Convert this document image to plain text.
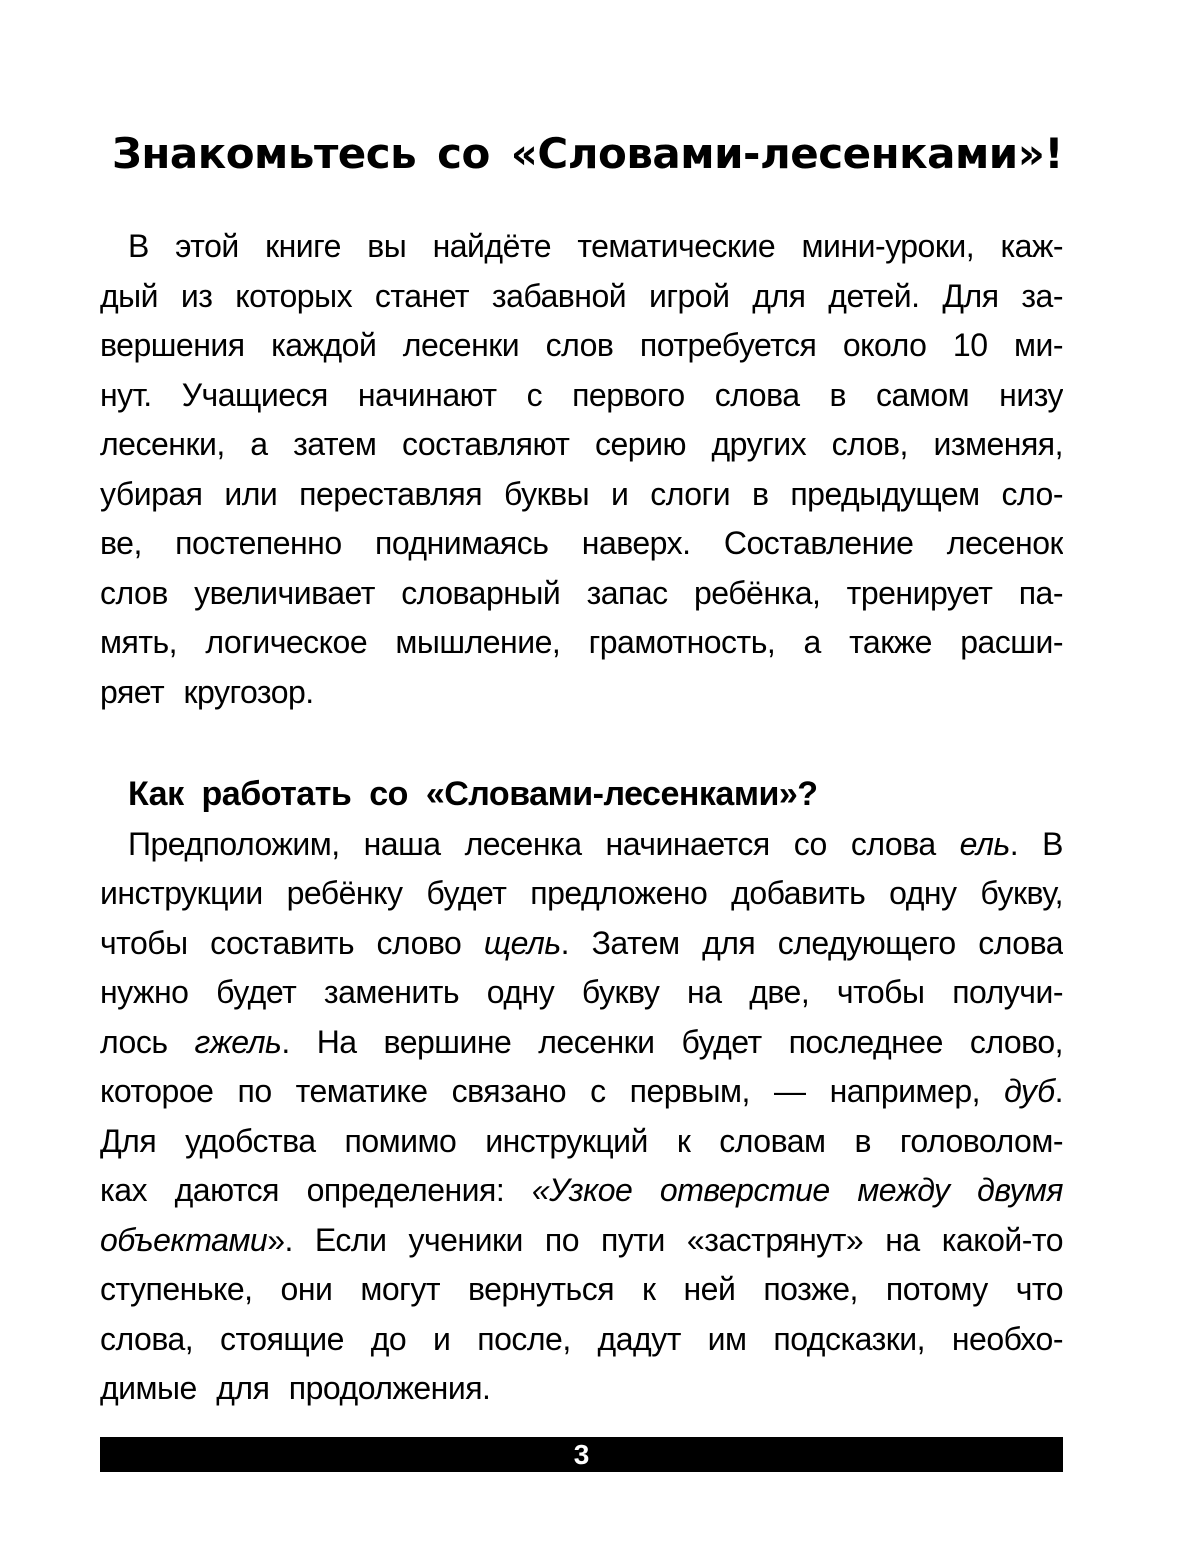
Знакомьтесь со «Словами-лесенками»!
В этой книге вы найдёте тематические мини-уроки, каж-
дый из которых станет забавной игрой для детей. Для за-
вершения каждой лесенки слов потребуется около 10 ми-
нут. Учащиеся начинают с первого слова в самом низу
лесенки, а затем составляют серию других слов, изменяя,
убирая или переставляя буквы и слоги в предыдущем сло-
ве, постепенно поднимаясь наверх. Составление лесенок
слов увеличивает словарный запас ребёнка, тренирует па-
мять, логическое мышление, грамотность, а также расши-
ряет кругозор.
Как работать со «Словами-лесенками»?
Предположим, наша лесенка начинается со слова ель. В
инструкции ребёнку будет предложено добавить одну букву,
чтобы составить слово щель. Затем для следующего слова
нужно будет заменить одну букву на две, чтобы получи-
лось гжель. На вершине лесенки будет последнее слово,
которое по тематике связано с первым, — например, дуб.
Для удобства помимо инструкций к словам в головолом-
ках даются определения: «Узкое отверстие между двумя
объектами». Если ученики по пути «застрянут» на какой-то
ступеньке, они могут вернуться к ней позже, потому что
слова, стоящие до и после, дадут им подсказки, необхо-
димые для продолжения.
3
